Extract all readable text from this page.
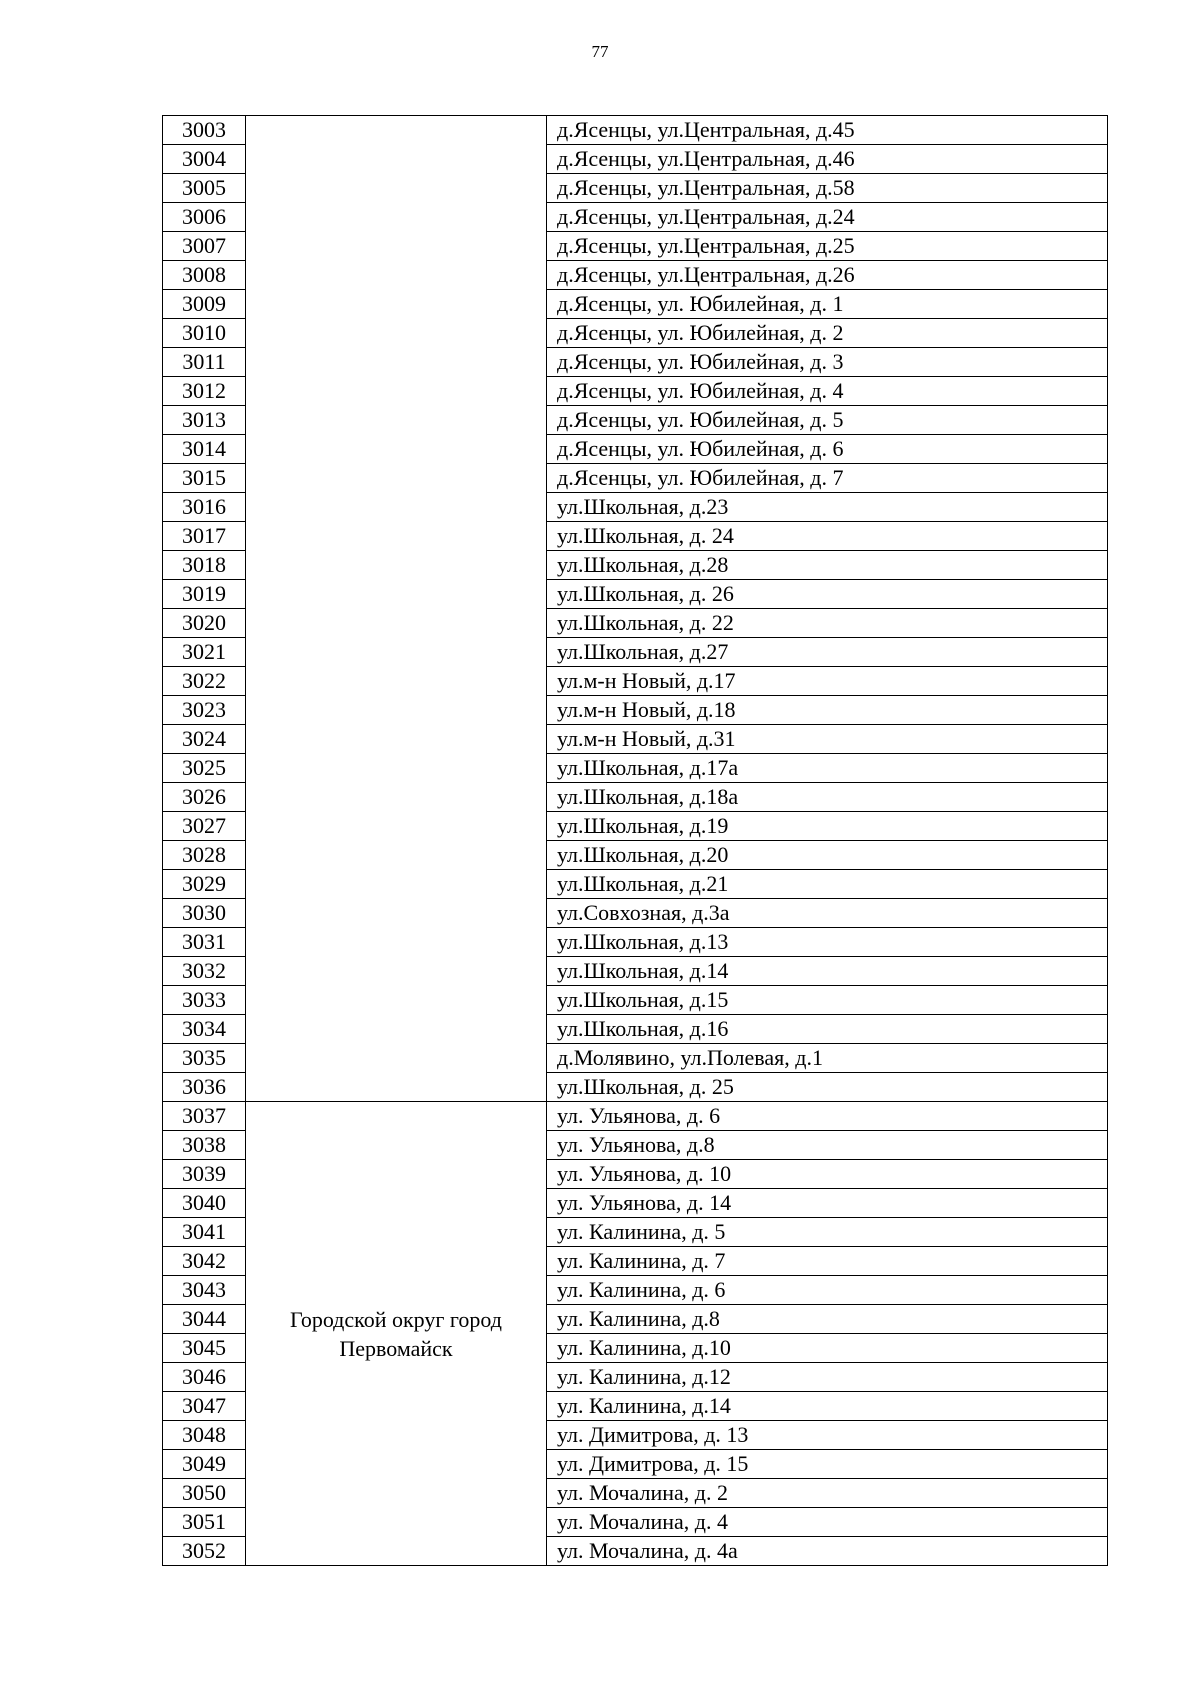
77
3003		д.Ясенцы, ул.Центральная, д.45
3004		д.Ясенцы, ул.Центральная, д.46
3005		д.Ясенцы, ул.Центральная, д.58
3006		д.Ясенцы, ул.Центральная, д.24
3007		д.Ясенцы, ул.Центральная, д.25
3008		д.Ясенцы, ул.Центральная, д.26
3009		д.Ясенцы, ул. Юбилейная, д. 1
3010		д.Ясенцы, ул. Юбилейная, д. 2
3011		д.Ясенцы, ул. Юбилейная, д. 3
3012		д.Ясенцы, ул. Юбилейная, д. 4
3013		д.Ясенцы, ул. Юбилейная, д. 5
3014		д.Ясенцы, ул. Юбилейная, д. 6
3015		д.Ясенцы, ул. Юбилейная, д. 7
3016		ул.Школьная, д.23
3017		ул.Школьная, д. 24
3018		ул.Школьная, д.28
3019		ул.Школьная, д. 26
3020		ул.Школьная, д. 22
3021		ул.Школьная, д.27
3022		ул.м-н Новый, д.17
3023		ул.м-н Новый, д.18
3024		ул.м-н Новый, д.31
3025		ул.Школьная, д.17а
3026		ул.Школьная, д.18а
3027		ул.Школьная, д.19
3028		ул.Школьная, д.20
3029		ул.Школьная, д.21
3030		ул.Совхозная, д.3а
3031		ул.Школьная, д.13
3032		ул.Школьная, д.14
3033		ул.Школьная, д.15
3034		ул.Школьная, д.16
3035		д.Молявино, ул.Полевая, д.1
3036		ул.Школьная, д. 25
3037	Городской округ город Первомайск	ул. Ульянова, д. 6
3038		ул. Ульянова, д.8
3039		ул. Ульянова, д. 10
3040		ул. Ульянова, д. 14
3041		ул. Калинина, д. 5
3042		ул. Калинина, д. 7
3043		ул. Калинина, д. 6
3044		ул. Калинина, д.8
3045		ул. Калинина, д.10
3046		ул. Калинина, д.12
3047		ул. Калинина, д.14
3048		ул. Димитрова, д. 13
3049		ул. Димитрова, д. 15
3050		ул. Мочалина, д. 2
3051		ул. Мочалина, д. 4
3052		ул. Мочалина, д. 4а
